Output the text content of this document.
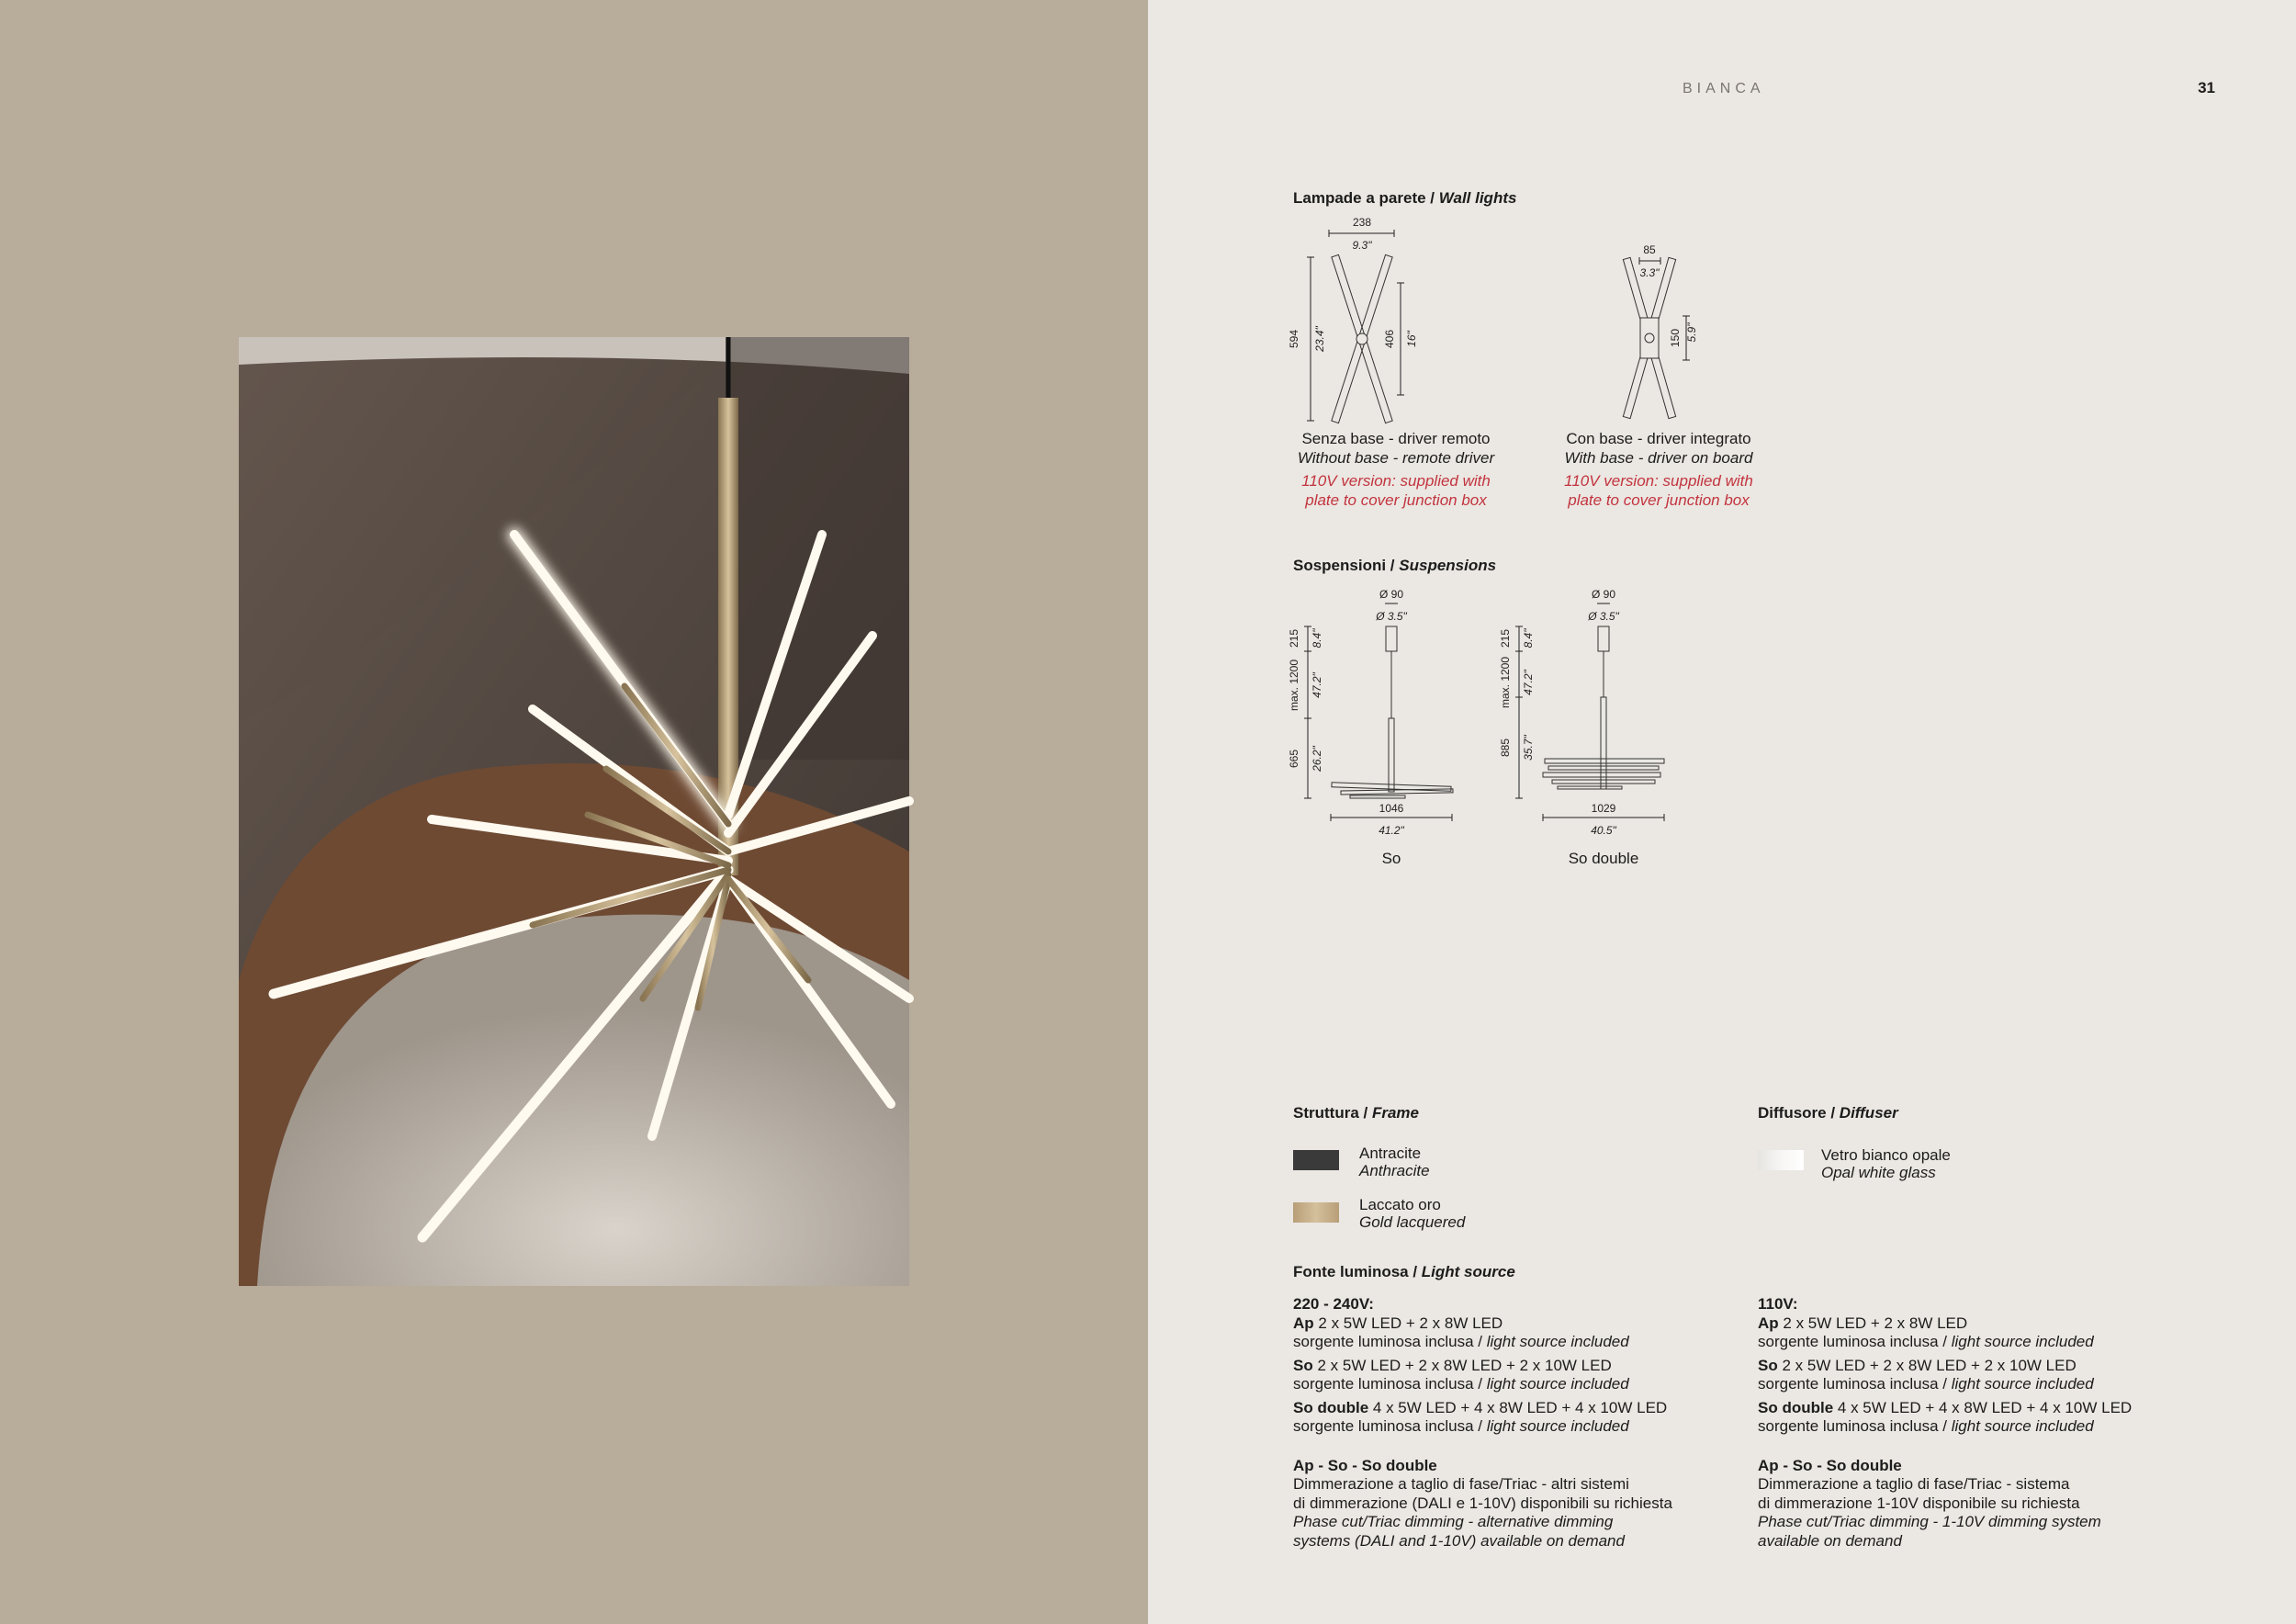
BIANCA	31
Lampade a parete / Wall lights
238
9.3"
594 23.4"	406 16"
85
3.3"
150 5.9"
Senza base - driver remoto
Without base - remote driver
110V version: supplied with
plate to cover junction box
Con base - driver integrato
With base - driver on board
110V version: supplied with
plate to cover junction box
Sospensioni / Suspensions
Ø 90
Ø 3.5"
215 8.4"
max. 1200 47.2"
665 26.2"
1046
41.2"
Ø 90
Ø 3.5"
215 8.4"
max. 1200 47.2"
885 35.7"
1029
40.5"
So	So double
Struttura / Frame
Antracite
Anthracite
Laccato oro
Gold lacquered
Diffusore / Diffuser
Vetro bianco opale
Opal white glass
Fonte luminosa / Light source
220 - 240V:
Ap 2 x 5W LED + 2 x 8W LED
sorgente luminosa inclusa / light source included
So 2 x 5W LED + 2 x 8W LED + 2 x 10W LED
sorgente luminosa inclusa / light source included
So double 4 x 5W LED + 4 x 8W LED + 4 x 10W LED
sorgente luminosa inclusa / light source included
Ap - So - So double
Dimmerazione a taglio di fase/Triac - altri sistemi
di dimmerazione (DALI e 1-10V) disponibili su richiesta
Phase cut/Triac dimming - alternative dimming
systems (DALI and 1-10V) available on demand
110V:
Ap 2 x 5W LED + 2 x 8W LED
sorgente luminosa inclusa / light source included
So 2 x 5W LED + 2 x 8W LED + 2 x 10W LED
sorgente luminosa inclusa / light source included
So double 4 x 5W LED + 4 x 8W LED + 4 x 10W LED
sorgente luminosa inclusa / light source included
Ap - So - So double
Dimmerazione a taglio di fase/Triac - sistema
di dimmerazione 1-10V disponibile su richiesta
Phase cut/Triac dimming - 1-10V dimming system
available on demand
